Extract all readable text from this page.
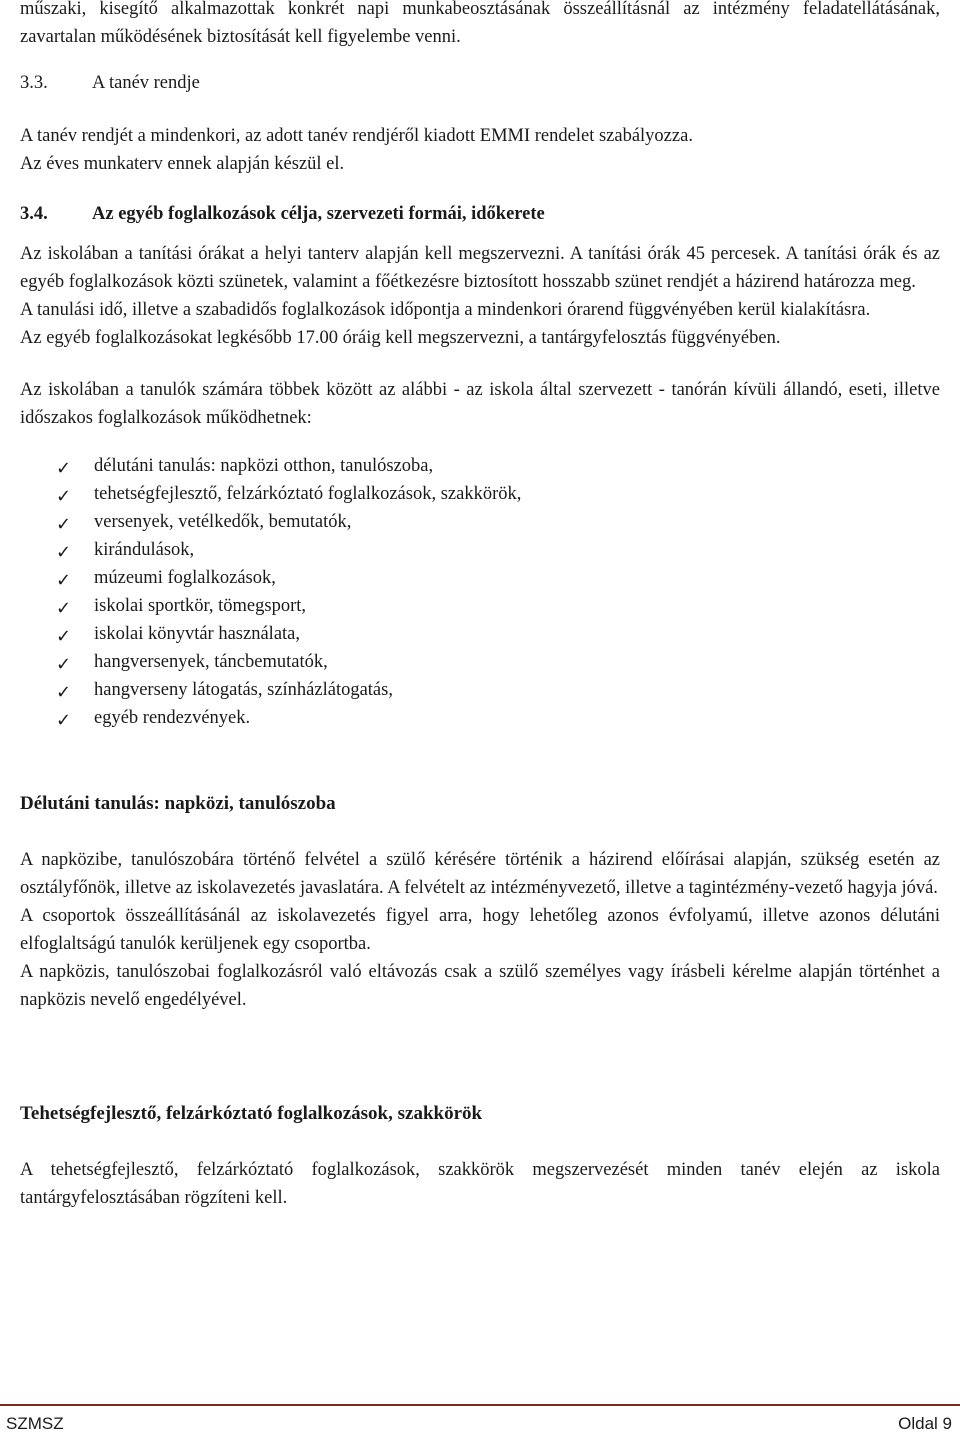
műszaki, kisegítő alkalmazottak konkrét napi munkabeosztásának összeállításnál az intézmény feladatellátásának, zavartalan működésének biztosítását kell figyelembe venni.

3.3.	A tanév rendje

A tanév rendjét a mindenkori, az adott tanév rendjéről kiadott EMMI rendelet szabályozza.

Az éves munkaterv ennek alapján készül el.

3.4.	Az egyéb foglalkozások célja, szervezeti formái, időkerete

Az iskolában a tanítási órákat a helyi tanterv alapján kell megszervezni. A tanítási órák 45 percesek. A tanítási órák és az egyéb foglalkozások közti szünetek, valamint a főétkezésre biztosított hosszabb szünet rendjét a házirend határozza meg.

A tanulási idő, illetve a szabadidős foglalkozások időpontja a mindenkori órarend függvényében kerül kialakításra.

Az egyéb foglalkozásokat legkésőbb 17.00 óráig kell megszervezni, a tantárgyfelosztás függvényében.

Az iskolában a tanulók számára többek között az alábbi - az iskola által szervezett - tanórán kívüli állandó, eseti, illetve időszakos foglalkozások működhetnek:

✓ délutáni tanulás: napközi otthon, tanulószoba,
✓ tehetségfejlesztő, felzárkóztató foglalkozások, szakkörök,
✓ versenyek, vetélkedők, bemutatók,
✓ kirándulások,
✓ múzeumi foglalkozások,
✓ iskolai sportkör, tömegsport,
✓ iskolai könyvtár használata,
✓ hangversenyek, táncbemutatók,
✓ hangverseny látogatás, színházlátogatás,
✓ egyéb rendezvények.

Délutáni tanulás: napközi, tanulószoba

A napközibe, tanulószobára történő felvétel a szülő kérésére történik a házirend előírásai alapján, szükség esetén az osztályfőnök, illetve az iskolavezetés javaslatára. A felvételt az intézményvezető, illetve a tagintézmény-vezető hagyja jóvá.

A csoportok összeállításánál az iskolavezetés figyel arra, hogy lehetőleg azonos évfolyamú, illetve azonos délutáni elfoglaltságú tanulók kerüljenek egy csoportba.

A napközis, tanulószobai foglalkozásról való eltávozás csak a szülő személyes vagy írásbeli kérelme alapján történhet a napközis nevelő engedélyével.

Tehetségfejlesztő, felzárkóztató foglalkozások, szakkörök

A tehetségfejlesztő, felzárkóztató foglalkozások, szakkörök megszervezését minden tanév elején az iskola tantárgyfelosztásában rögzíteni kell.

SZMSZ	Oldal 9
